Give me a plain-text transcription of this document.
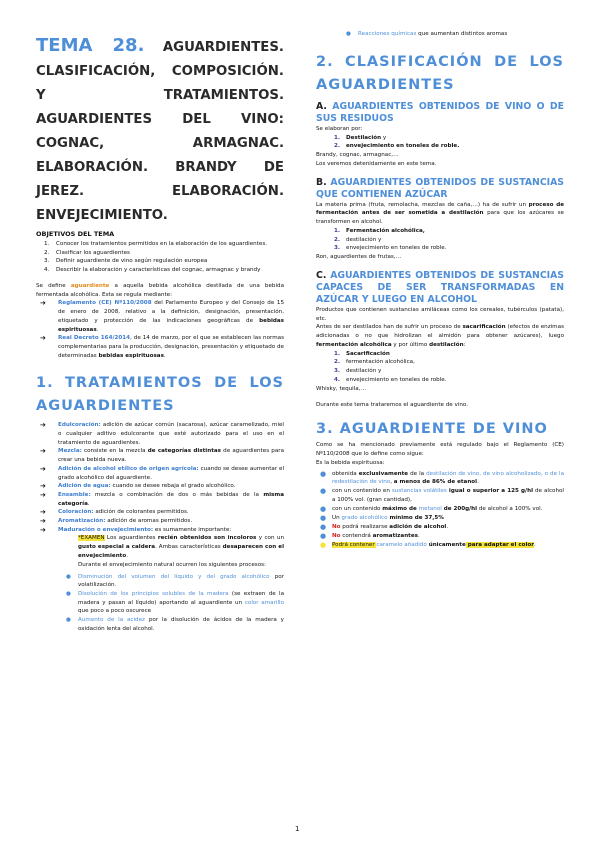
TEMA 28. AGUARDIENTES. CLASIFICACIÓN, COMPOSICIÓN. Y TRATAMIENTOS. AGUARDIENTES DEL VINO: COGNAC, ARMAGNAC. ELABORACIÓN. BRANDY DE JEREZ. ELABORACIÓN. ENVEJECIMIENTO.
OBJETIVOS DEL TEMA
1. Conocer los tratamientos permitidos en la elaboración de los aguardientes.
2. Clasificar los aguardientes
3. Definir aguardiente de vino según regulación europea
4. Describir la elaboración y características del cognac, armagnac y brandy

Se define aguardiente a aquella bebida alcohólica destilada de una bebida fermentada alcohólica. Esta se regula mediante:

➔ Reglamento (CE) Nº110/2008 del Parlamento Europeo y del Consejo de 15 de enero de 2008, relativo a la definición, designación, presentación, etiquetado y protección de las indicaciones geográficas de bebidas espirituosas.
➔ Real Decreto 164/2014, de 14 de marzo, por el que se establecen las normas complementarias para la producción, designación, presentación y etiquetado de determinadas bebidas espirituosas.
1. TRATAMIENTOS DE LOS AGUARDIENTES
➔ Edulcoración: adición de azúcar común (sacarosa), azúcar caramelizado, miel o cualquier aditivo edulcorante que esté autorizado para el uso en el tratamiento de aguardientes.
➔ Mezcla: consiste en la mezcla de categorías distintas de aguardientes para crear una bebida nueva.
➔ Adición de alcohol etílico de origen agrícola: cuando se desee aumentar el grado alcohólico del aguardiente.
➔ Adición de agua: cuando se desee rebaja el grado alcohólico.
➔ Ensamble: mezcla o combinación de dos o más bebidas de la misma categoría.
➔ Coloración: adición de colorantes permitidos.
➔ Aromatización: adición de aromas permitidos.
➔ Maduración o envejecimiento: es sumamente importante:

*EXAMEN Los aguardientes recién obtenidos son incoloros y con un gusto especial a caldera. Ambas características desaparecen con el envejecimiento.

Durante el envejecimiento natural ocurren los siguientes procesos:

● Disminución del volumen del líquido y del grado alcohólico por volatilización.
● Disolución de los principios solubles de la madera (se extraen de la madera y pasan al líquido) aportando al aguardiente un color amarillo que poco a poco oscurece
● Aumento de la acidez por la disolución de ácidos de la madera y oxidación lenta del alcohol.
● Reacciones químicas que aumentan distintos aromas
2. CLASIFICACIÓN DE LOS AGUARDIENTES
A. AGUARDIENTES OBTENIDOS DE VINO O DE SUS RESIDUOS

Se elaboran por:

1. Destilación y
2. envejecimiento en toneles de roble.

Brandy, cognac, armagnac,…

Los veremos detenidamente en este tema.

B. AGUARDIENTES OBTENIDOS DE SUSTANCIAS QUE CONTIENEN AZÚCAR

La materia prima (fruta, remolacha, mezclas de caña,…) ha de sufrir un proceso de fermentación antes de ser sometida a destilación para que los azúcares se transformen en alcohol.

1. Fermentación alcohólica,
2. destilación y
3. envejecimiento en toneles de roble.

Ron, aguardientes de frutas,…

C. AGUARDIENTES OBTENIDOS DE SUSTANCIAS CAPACES DE SER TRANSFORMADAS EN AZÚCAR Y LUEGO EN ALCOHOL

Productos que contienen sustancias amiláceas como los cereales, tubérculos (patata), etc.

Antes de ser destilados han de sufrir un proceso de sacarificación (efectos de enzimas adicionadas o no que hidrolizan el almidón para obtener azúcares), luego fermentación alcohólica y por último destilación:

1. Sacarificación
2. fermentación alcohólica,
3. destilación y
4. envejecimiento en toneles de roble.

Whisky, tequila,…

Durante este tema trataremos el aguardiente de vino.

3. AGUARDIENTE DE VINO

Como se ha mencionado previamente está regulado bajo el Reglamento (CE) Nº110/2008 que lo define como sigue:

Es la bebida espirituosa:

● obtenida exclusivamente de la destilación de vino, de vino alcoholizado, o de la redestilación de vino, a menos de 86% de etanol.
● con un contenido en sustancias volátiles igual o superior a 125 g/hl de alcohol a 100% vol. (gran cantidad),
● con un contenido máximo de metanol de 200g/hl de alcohol a 100% vol.
● Un grado alcohólico mínimo de 37,5%
● No podrá realizarse adición de alcohol.
● No contendrá aromatizantes.
● Podrá contener caramelo añadido únicamente para adaptar el color.
1
